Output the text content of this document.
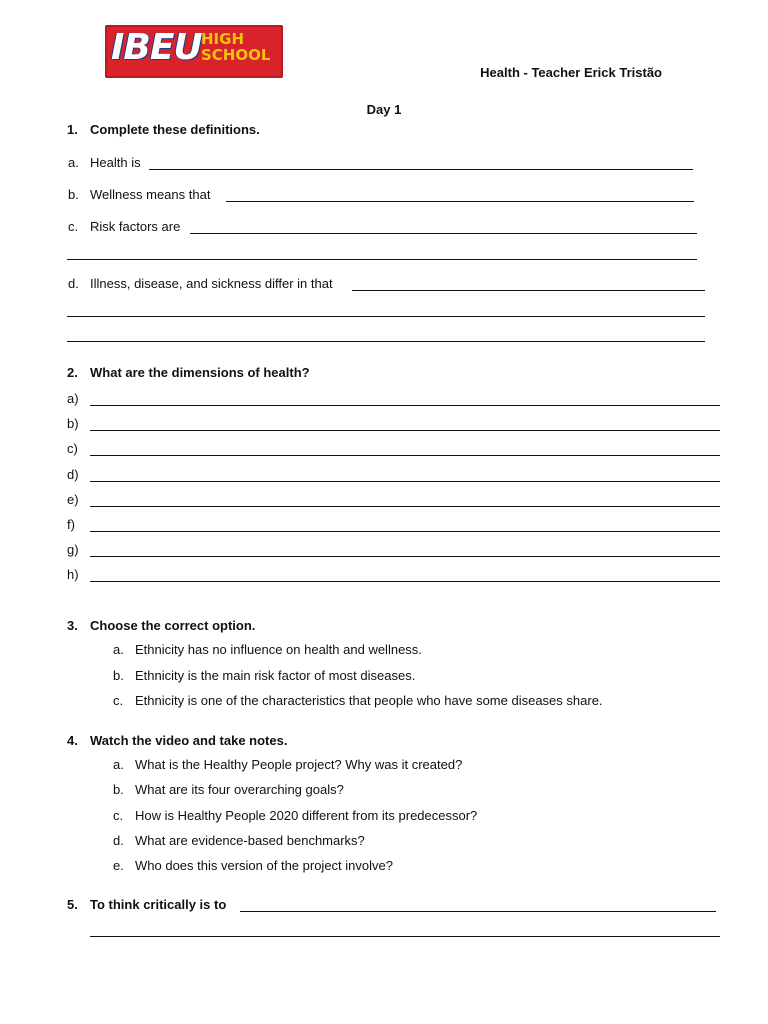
IBEU HIGH
SCHOOL
Health - Teacher Erick Tristão
Day 1
1. Complete these definitions.
a. Health is
b. Wellness means that
c. Risk factors are
d. Illness, disease, and sickness differ in that
2. What are the dimensions of health?
a)
b)
c)
d)
e)
f)
g)
h)
3. Choose the correct option.
a. Ethnicity has no influence on health and wellness.
b. Ethnicity is the main risk factor of most diseases.
c. Ethnicity is one of the characteristics that people who have some diseases share.
4. Watch the video and take notes.
a. What is the Healthy People project? Why was it created?
b. What are its four overarching goals?
c. How is Healthy People 2020 different from its predecessor?
d. What are evidence-based benchmarks?
e. Who does this version of the project involve?
5. To think critically is to
